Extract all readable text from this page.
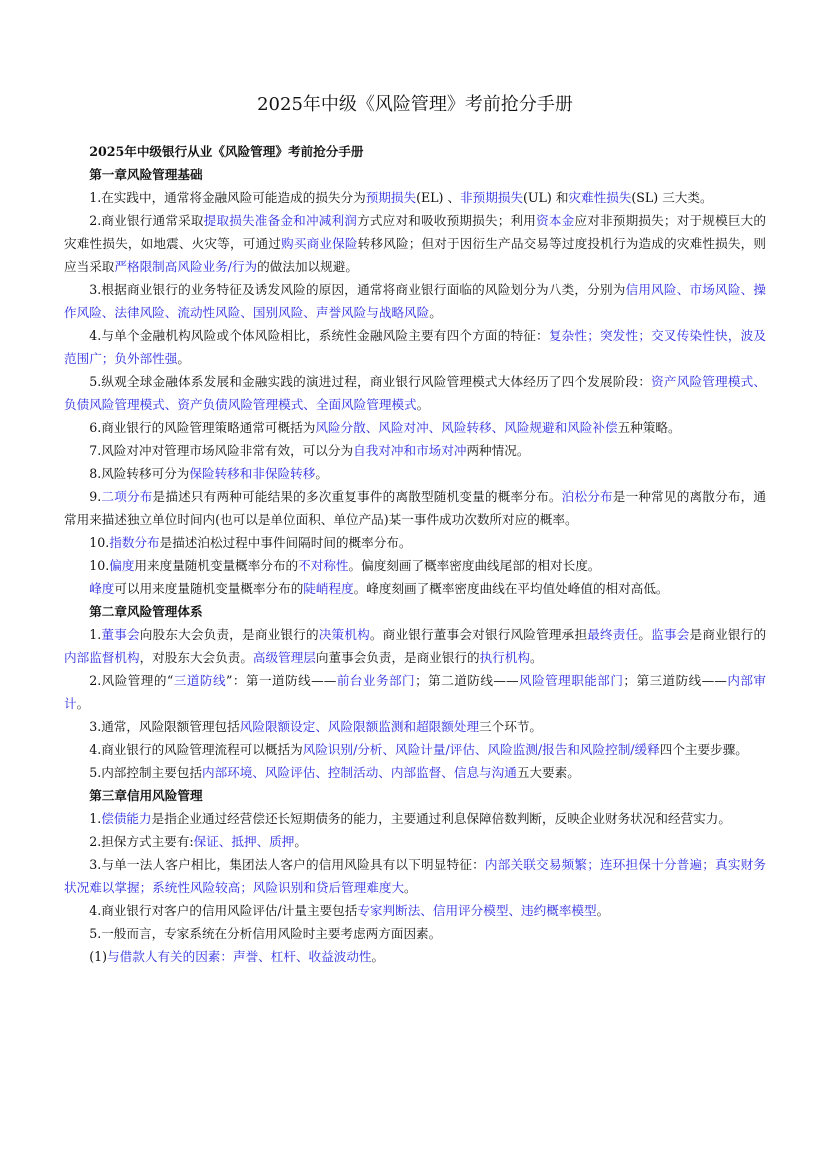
2025年中级《风险管理》考前抢分手册

2025年中级银行从业《风险管理》考前抢分手册

第一章风险管理基础

1.在实践中，通常将金融风险可能造成的损失分为预期损失(EL) 、非预期损失(UL) 和灾难性损失(SL) 三大类。

2.商业银行通常采取提取损失准备金和冲减利润方式应对和吸收预期损失；利用资本金应对非预期损失；对于规模巨大的灾难性损失，如地震、火灾等，可通过购买商业保险转移风险；但对于因衍生产品交易等过度投机行为造成的灾难性损失，则应当采取严格限制高风险业务/行为的做法加以规避。

3.根据商业银行的业务特征及诱发风险的原因，通常将商业银行面临的风险划分为八类，分别为信用风险、市场风险、操作风险、法律风险、流动性风险、国别风险、声誉风险与战略风险。

4.与单个金融机构风险或个体风险相比，系统性金融风险主要有四个方面的特征：复杂性；突发性；交叉传染性快，波及范围广；负外部性强。

5.纵观全球金融体系发展和金融实践的演进过程，商业银行风险管理模式大体经历了四个发展阶段：资产风险管理模式、负债风险管理模式、资产负债风险管理模式、全面风险管理模式。

6.商业银行的风险管理策略通常可概括为风险分散、风险对冲、风险转移、风险规避和风险补偿五种策略。

7.风险对冲对管理市场风险非常有效，可以分为自我对冲和市场对冲两种情况。

8.风险转移可分为保险转移和非保险转移。

9.二项分布是描述只有两种可能结果的多次重复事件的离散型随机变量的概率分布。泊松分布是一种常见的离散分布，通常用来描述独立单位时间内(也可以是单位面积、单位产品)某一事件成功次数所对应的概率。

10.指数分布是描述泊松过程中事件间隔时间的概率分布。

10.偏度用来度量随机变量概率分布的不对称性。偏度刻画了概率密度曲线尾部的相对长度。

峰度可以用来度量随机变量概率分布的陡峭程度。峰度刻画了概率密度曲线在平均值处峰值的相对高低。

第二章风险管理体系

1.董事会向股东大会负责，是商业银行的决策机构。商业银行董事会对银行风险管理承担最终责任。监事会是商业银行的内部监督机构，对股东大会负责。高级管理层向董事会负责，是商业银行的执行机构。

2.风险管理的“三道防线”：第一道防线——前台业务部门；第二道防线——风险管理职能部门；第三道防线——内部审计。

3.通常，风险限额管理包括风险限额设定、风险限额监测和超限额处理三个环节。

4.商业银行的风险管理流程可以概括为风险识别/分析、风险计量/评估、风险监测/报告和风险控制/缓释四个主要步骤。

5.内部控制主要包括内部环境、风险评估、控制活动、内部监督、信息与沟通五大要素。

第三章信用风险管理

1.偿债能力是指企业通过经营偿还长短期债务的能力，主要通过利息保障倍数判断，反映企业财务状况和经营实力。

2.担保方式主要有:保证、抵押、质押。

3.与单一法人客户相比，集团法人客户的信用风险具有以下明显特征：内部关联交易频繁；连环担保十分普遍；真实财务状况难以掌握；系统性风险较高；风险识别和贷后管理难度大。

4.商业银行对客户的信用风险评估/计量主要包括专家判断法、信用评分模型、违约概率模型。

5.一般而言，专家系统在分析信用风险时主要考虑两方面因素。

(1)与借款人有关的因素：声誉、杠杆、收益波动性。
